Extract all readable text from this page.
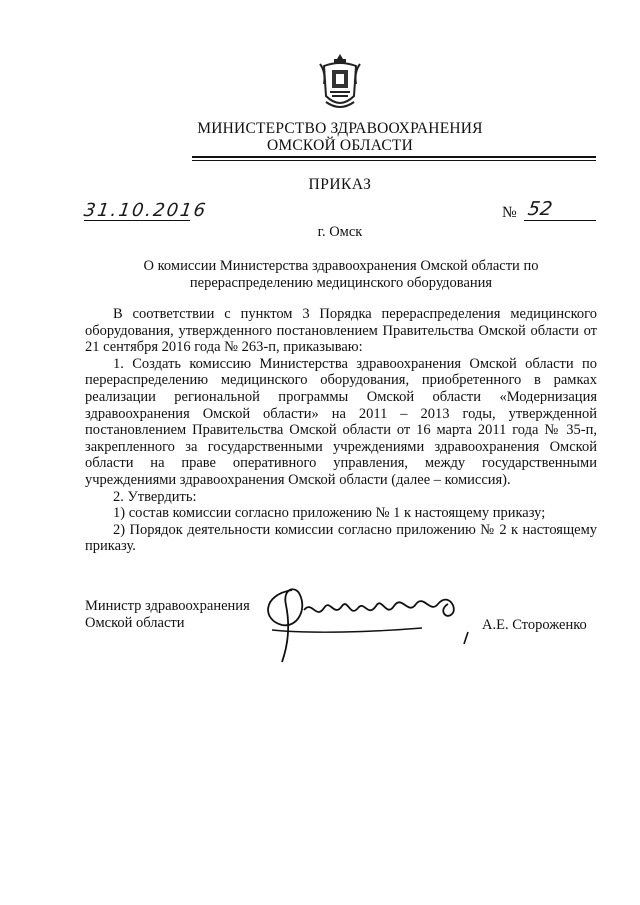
МИНИСТЕРСТВО ЗДРАВООХРАНЕНИЯ
ОМСКОЙ ОБЛАСТИ
ПРИКАЗ
31.10.2016	№ 52
г. Омск
О комиссии Министерства здравоохранения Омской области по перераспределению медицинского оборудования

В соответствии с пунктом 3 Порядка перераспределения медицинского оборудования, утвержденного постановлением Правительства Омской области от 21 сентября 2016 года № 263-п, приказываю:

1. Создать комиссию Министерства здравоохранения Омской области по перераспределению медицинского оборудования, приобретенного в рамках реализации региональной программы Омской области «Модернизация здравоохранения Омской области» на 2011 – 2013 годы, утвержденной постановлением Правительства Омской области от 16 марта 2011 года № 35-п, закрепленного за государственными учреждениями здравоохранения Омской области на праве оперативного управления, между государственными учреждениями здравоохранения Омской области (далее – комиссия).

2. Утвердить:

1) состав комиссии согласно приложению № 1 к настоящему приказу;

2) Порядок деятельности комиссии согласно приложению № 2 к настоящему приказу.

Министр здравоохранения
Омской области	А.Е. Стороженко
